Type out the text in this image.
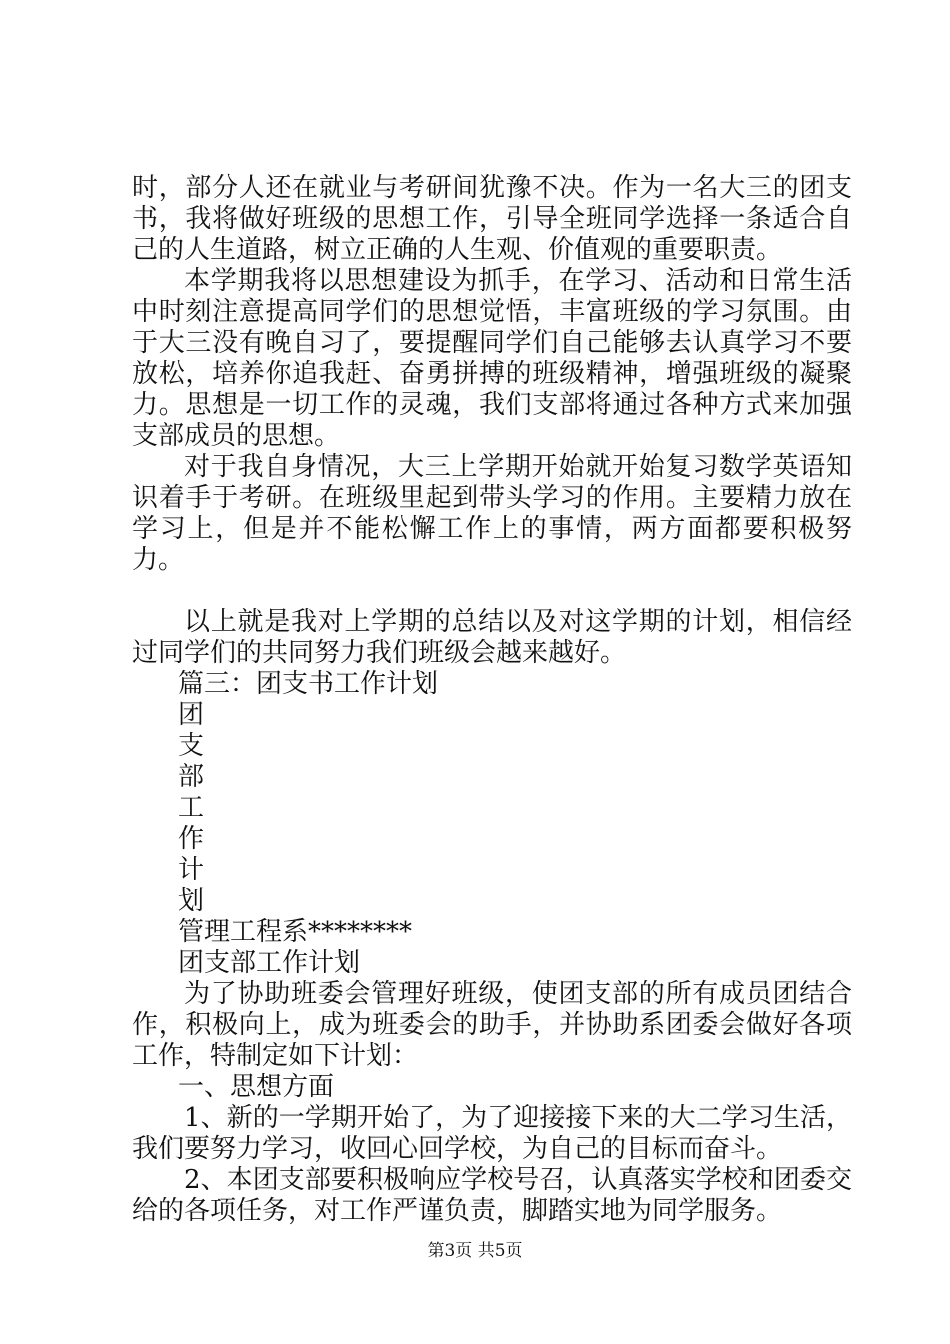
时，部分人还在就业与考研间犹豫不决。作为一名大三的团支书，我将做好班级的思想工作，引导全班同学选择一条适合自己的人生道路，树立正确的人生观、价值观的重要职责。

本学期我将以思想建设为抓手，在学习、活动和日常生活中时刻注意提高同学们的思想觉悟，丰富班级的学习氛围。由于大三没有晚自习了，要提醒同学们自己能够去认真学习不要放松，培养你追我赶、奋勇拼搏的班级精神，增强班级的凝聚力。思想是一切工作的灵魂，我们支部将通过各种方式来加强支部成员的思想。

对于我自身情况，大三上学期开始就开始复习数学英语知识着手于考研。在班级里起到带头学习的作用。主要精力放在学习上，但是并不能松懈工作上的事情，两方面都要积极努力。

以上就是我对上学期的总结以及对这学期的计划，相信经过同学们的共同努力我们班级会越来越好。

篇三：团支书工作计划

团

支

部

工

作

计

划

管理工程系********

团支部工作计划

为了协助班委会管理好班级，使团支部的所有成员团结合作，积极向上，成为班委会的助手，并协助系团委会做好各项工作，特制定如下计划：

一、思想方面

1、新的一学期开始了，为了迎接接下来的大二学习生活，我们要努力学习，收回心回学校，为自己的目标而奋斗。

2、本团支部要积极响应学校号召，认真落实学校和团委交给的各项任务，对工作严谨负责，脚踏实地为同学服务。

第3页 共5页
